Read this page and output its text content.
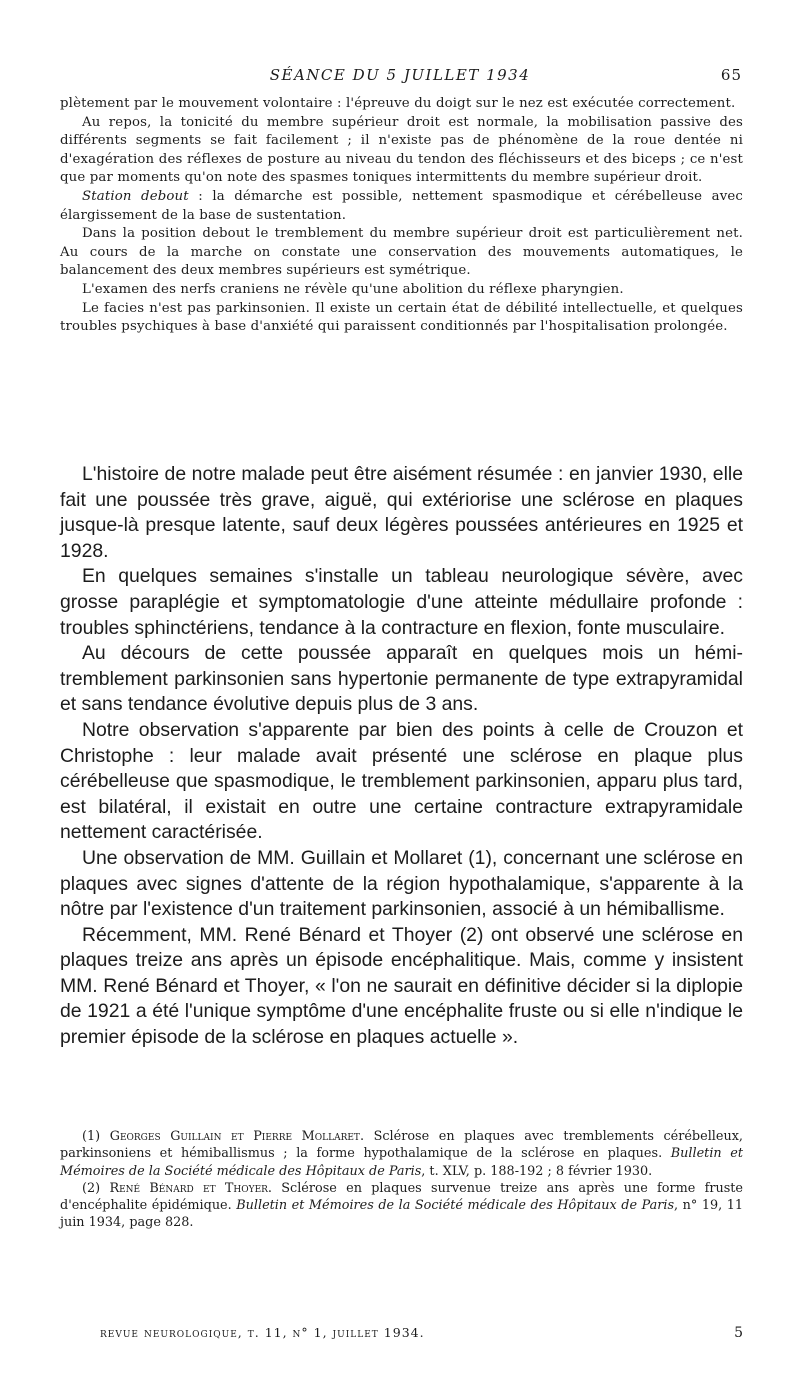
SÉANCE DU 5 JUILLET 1934	65

plètement par le mouvement volontaire : l'épreuve du doigt sur le nez est exécutée correctement.

Au repos, la tonicité du membre supérieur droit est normale, la mobilisation passive des différents segments se fait facilement ; il n'existe pas de phénomène de la roue dentée ni d'exagération des réflexes de posture au niveau du tendon des fléchisseurs et des biceps ; ce n'est que par moments qu'on note des spasmes toniques intermittents du membre supérieur droit.

Station debout : la démarche est possible, nettement spasmodique et cérébelleuse avec élargissement de la base de sustentation.

Dans la position debout le tremblement du membre supérieur droit est particulièrement net. Au cours de la marche on constate une conservation des mouvements automatiques, le balancement des deux membres supérieurs est symétrique.

L'examen des nerfs craniens ne révèle qu'une abolition du réflexe pharyngien.

Le facies n'est pas parkinsonien. Il existe un certain état de débilité intellectuelle, et quelques troubles psychiques à base d'anxiété qui paraissent conditionnés par l'hospitalisation prolongée.

L'histoire de notre malade peut être aisément résumée : en janvier 1930, elle fait une poussée très grave, aiguë, qui extériorise une sclérose en plaques jusque-là presque latente, sauf deux légères poussées antérieures en 1925 et 1928.

En quelques semaines s'installe un tableau neurologique sévère, avec grosse paraplégie et symptomatologie d'une atteinte médullaire profonde : troubles sphinctériens, tendance à la contracture en flexion, fonte musculaire.

Au décours de cette poussée apparaît en quelques mois un hémi-tremblement parkinsonien sans hypertonie permanente de type extrapyramidal et sans tendance évolutive depuis plus de 3 ans.

Notre observation s'apparente par bien des points à celle de Crouzon et Christophe : leur malade avait présenté une sclérose en plaque plus cérébelleuse que spasmodique, le tremblement parkinsonien, apparu plus tard, est bilatéral, il existait en outre une certaine contracture extrapyramidale nettement caractérisée.

Une observation de MM. Guillain et Mollaret (1), concernant une sclérose en plaques avec signes d'attente de la région hypothalamique, s'apparente à la nôtre par l'existence d'un traitement parkinsonien, associé à un hémiballisme.

Récemment, MM. René Bénard et Thoyer (2) ont observé une sclérose en plaques treize ans après un épisode encéphalitique. Mais, comme y insistent MM. René Bénard et Thoyer, « l'on ne saurait en définitive décider si la diplopie de 1921 a été l'unique symptôme d'une encéphalite fruste ou si elle n'indique le premier épisode de la sclérose en plaques actuelle ».

(1) Georges Guillain et Pierre Mollaret. Sclérose en plaques avec tremblements cérébelleux, parkinsoniens et hémiballismus ; la forme hypothalamique de la sclérose en plaques. Bulletin et Mémoires de la Société médicale des Hôpitaux de Paris, t. XLV, p. 188-192 ; 8 février 1930.

(2) René Bénard et Thoyer. Sclérose en plaques survenue treize ans après une forme fruste d'encéphalite épidémique. Bulletin et Mémoires de la Société médicale des Hôpitaux de Paris, n° 19, 11 juin 1934, page 828.

revue neurologique, t. 11, n° 1, juillet 1934.	5
